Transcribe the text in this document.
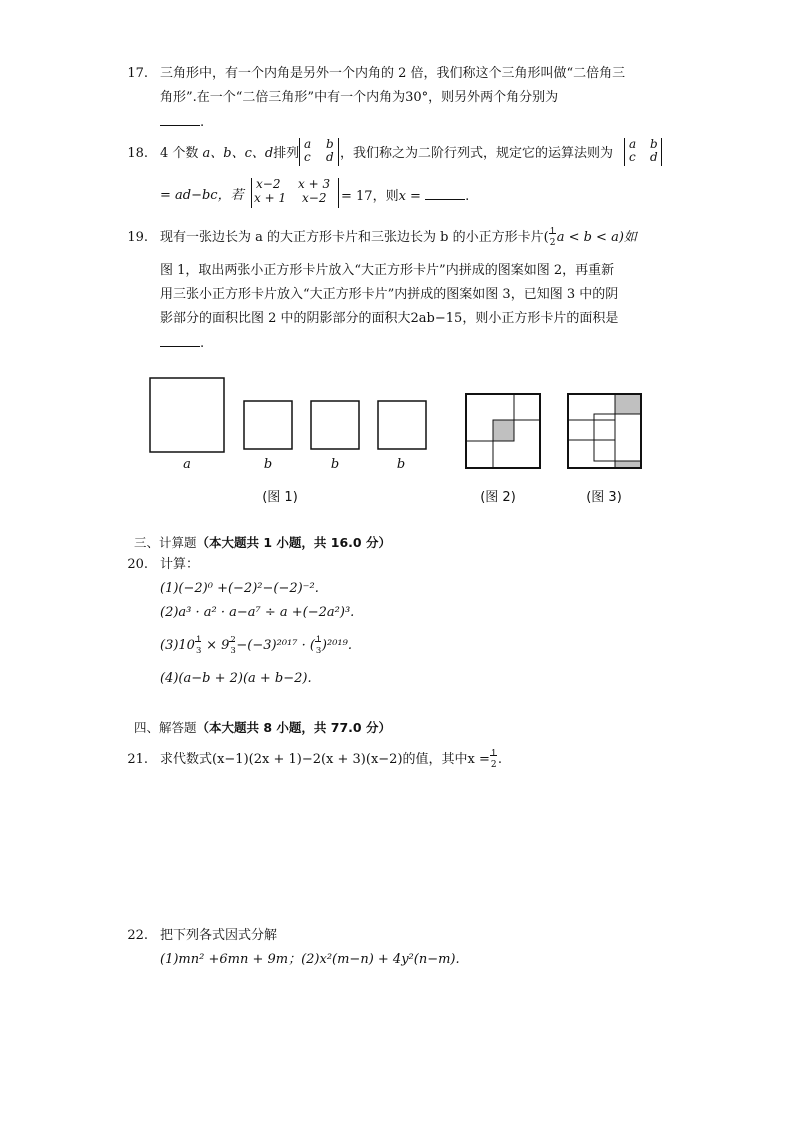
17. 三角形中，有一个内角是另外一个内角的 2 倍，我们称这个三角形叫做“二倍角三
角形”.在一个“二倍三角形”中有一个内角为30°，则另外两个角分别为
.
18. 4 个数 a、b、c、d排列
a b
c d ，我们称之为二阶行列式，规定它的运算法则为
a b
c d
= ad−bc，若
x−2 x + 3
x + 1 x−2 = 17，则x =	.
19. 现有一张边长为 a 的大正方形卡片和三张边长为 b 的小正方形卡片( 1
2 a < b < a)如
图 1，取出两张小正方形卡片放入“大正方形卡片”内拼成的图案如图 2，再重新
用三张小正方形卡片放入“大正方形卡片”内拼成的图案如图 3，已知图 3 中的阴
影部分的面积比图 2 中的阴影部分的面积大2ab−15，则小正方形卡片的面积是
.
a	b	b	b
(图 1)	(图 2)	(图 3)
三、计算题（本大题共 1 小题，共 16.0 分）
20. 计算：
(1)(−2)⁰ +(−2)²−(−2)⁻².
(2)a³ · a² · a−a⁷ ÷ a +(−2a²)³.
(3)10 1
3 × 9 2
3 −(−3)²⁰¹⁷ · ( 1
3 )²⁰¹⁹.
(4)(a−b + 2)(a + b−2).
四、解答题（本大题共 8 小题，共 77.0 分）
21. 求代数式(x−1)(2x + 1)−2(x + 3)(x−2)的值，其中x = 1
2 .
22. 把下列各式因式分解
(1)mn² +6mn + 9m；(2)x²(m−n) + 4y²(n−m).
